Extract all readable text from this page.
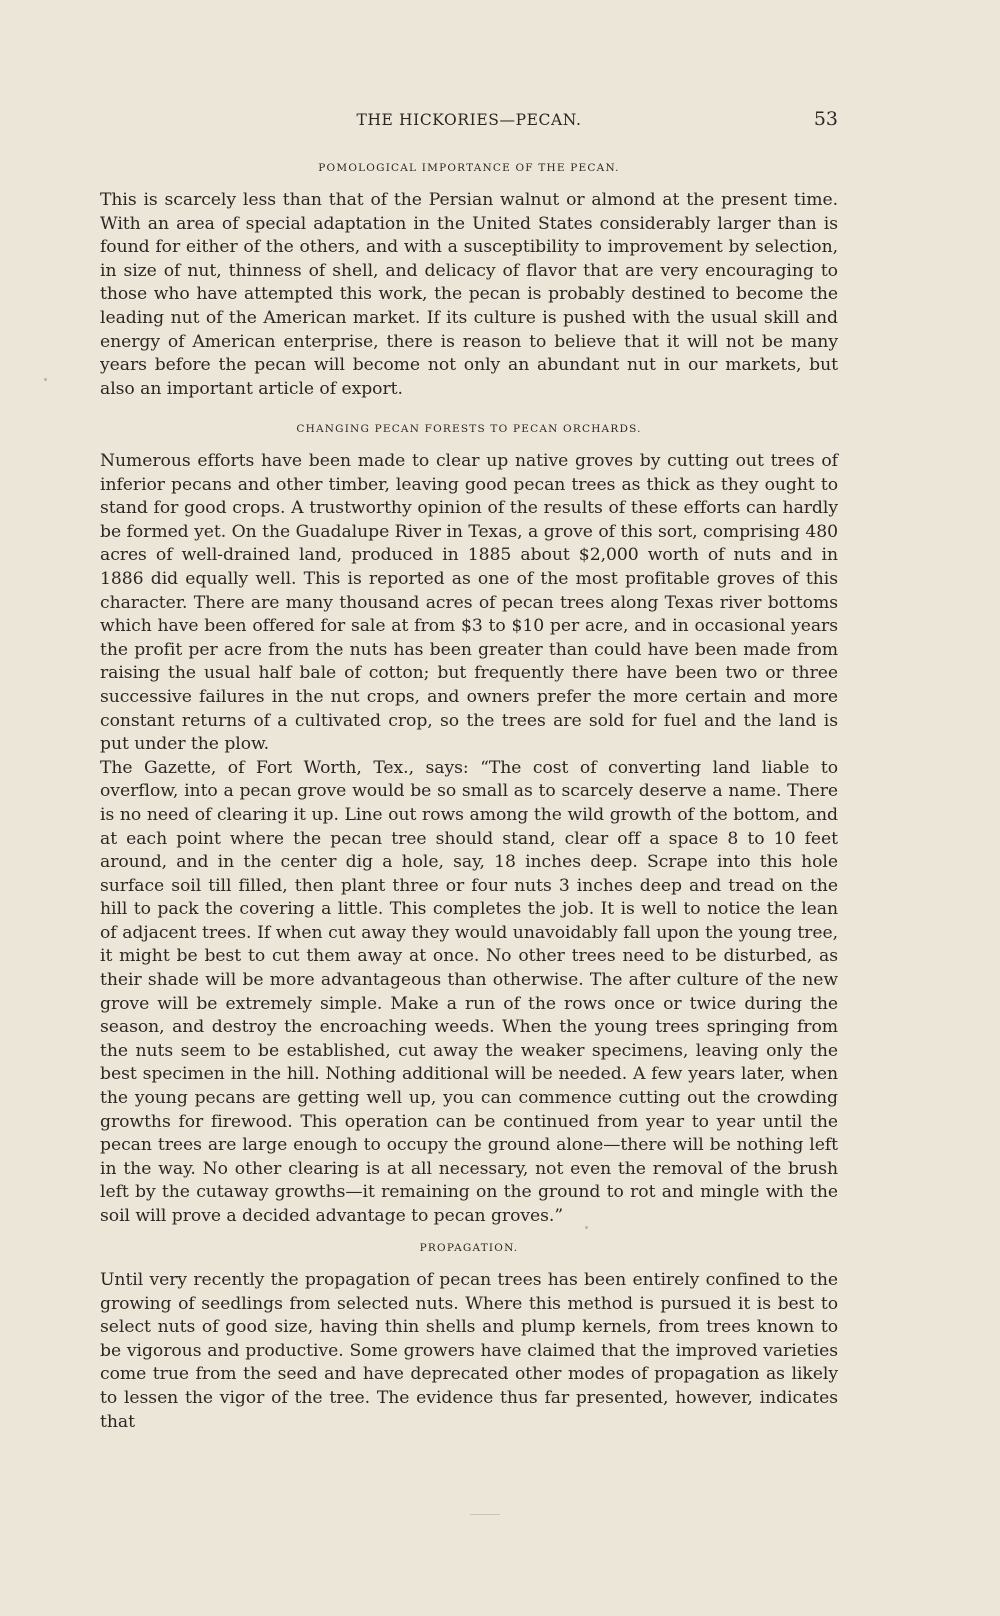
THE HICKORIES—PECAN.	53
POMOLOGICAL IMPORTANCE OF THE PECAN.

This is scarcely less than that of the Persian walnut or almond at the present time. With an area of special adaptation in the United States considerably larger than is found for either of the others, and with a susceptibility to improvement by selection, in size of nut, thinness of shell, and delicacy of flavor that are very encouraging to those who have attempted this work, the pecan is probably destined to become the leading nut of the American market. If its culture is pushed with the usual skill and energy of American enterprise, there is reason to believe that it will not be many years before the pecan will become not only an abundant nut in our markets, but also an important article of export.

CHANGING PECAN FORESTS TO PECAN ORCHARDS.

Numerous efforts have been made to clear up native groves by cutting out trees of inferior pecans and other timber, leaving good pecan trees as thick as they ought to stand for good crops. A trustworthy opinion of the results of these efforts can hardly be formed yet. On the Guadalupe River in Texas, a grove of this sort, comprising 480 acres of well-drained land, produced in 1885 about $2,000 worth of nuts and in 1886 did equally well. This is reported as one of the most profitable groves of this character. There are many thousand acres of pecan trees along Texas river bottoms which have been offered for sale at from $3 to $10 per acre, and in occasional years the profit per acre from the nuts has been greater than could have been made from raising the usual half bale of cotton; but frequently there have been two or three successive failures in the nut crops, and owners prefer the more certain and more constant returns of a cultivated crop, so the trees are sold for fuel and the land is put under the plow.

The Gazette, of Fort Worth, Tex., says: “The cost of converting land liable to overflow, into a pecan grove would be so small as to scarcely deserve a name. There is no need of clearing it up. Line out rows among the wild growth of the bottom, and at each point where the pecan tree should stand, clear off a space 8 to 10 feet around, and in the center dig a hole, say, 18 inches deep. Scrape into this hole surface soil till filled, then plant three or four nuts 3 inches deep and tread on the hill to pack the covering a little. This completes the job. It is well to notice the lean of adjacent trees. If when cut away they would unavoidably fall upon the young tree, it might be best to cut them away at once. No other trees need to be disturbed, as their shade will be more advantageous than otherwise. The after culture of the new grove will be extremely simple. Make a run of the rows once or twice during the season, and destroy the encroaching weeds. When the young trees springing from the nuts seem to be established, cut away the weaker specimens, leaving only the best specimen in the hill. Nothing additional will be needed. A few years later, when the young pecans are getting well up, you can commence cutting out the crowding growths for firewood. This operation can be continued from year to year until the pecan trees are large enough to occupy the ground alone—there will be nothing left in the way. No other clearing is at all necessary, not even the removal of the brush left by the cutaway growths—it remaining on the ground to rot and mingle with the soil will prove a decided advantage to pecan groves.”

PROPAGATION.

Until very recently the propagation of pecan trees has been entirely confined to the growing of seedlings from selected nuts. Where this method is pursued it is best to select nuts of good size, having thin shells and plump kernels, from trees known to be vigorous and productive. Some growers have claimed that the improved varieties come true from the seed and have deprecated other modes of propagation as likely to lessen the vigor of the tree. The evidence thus far presented, however, indicates that
